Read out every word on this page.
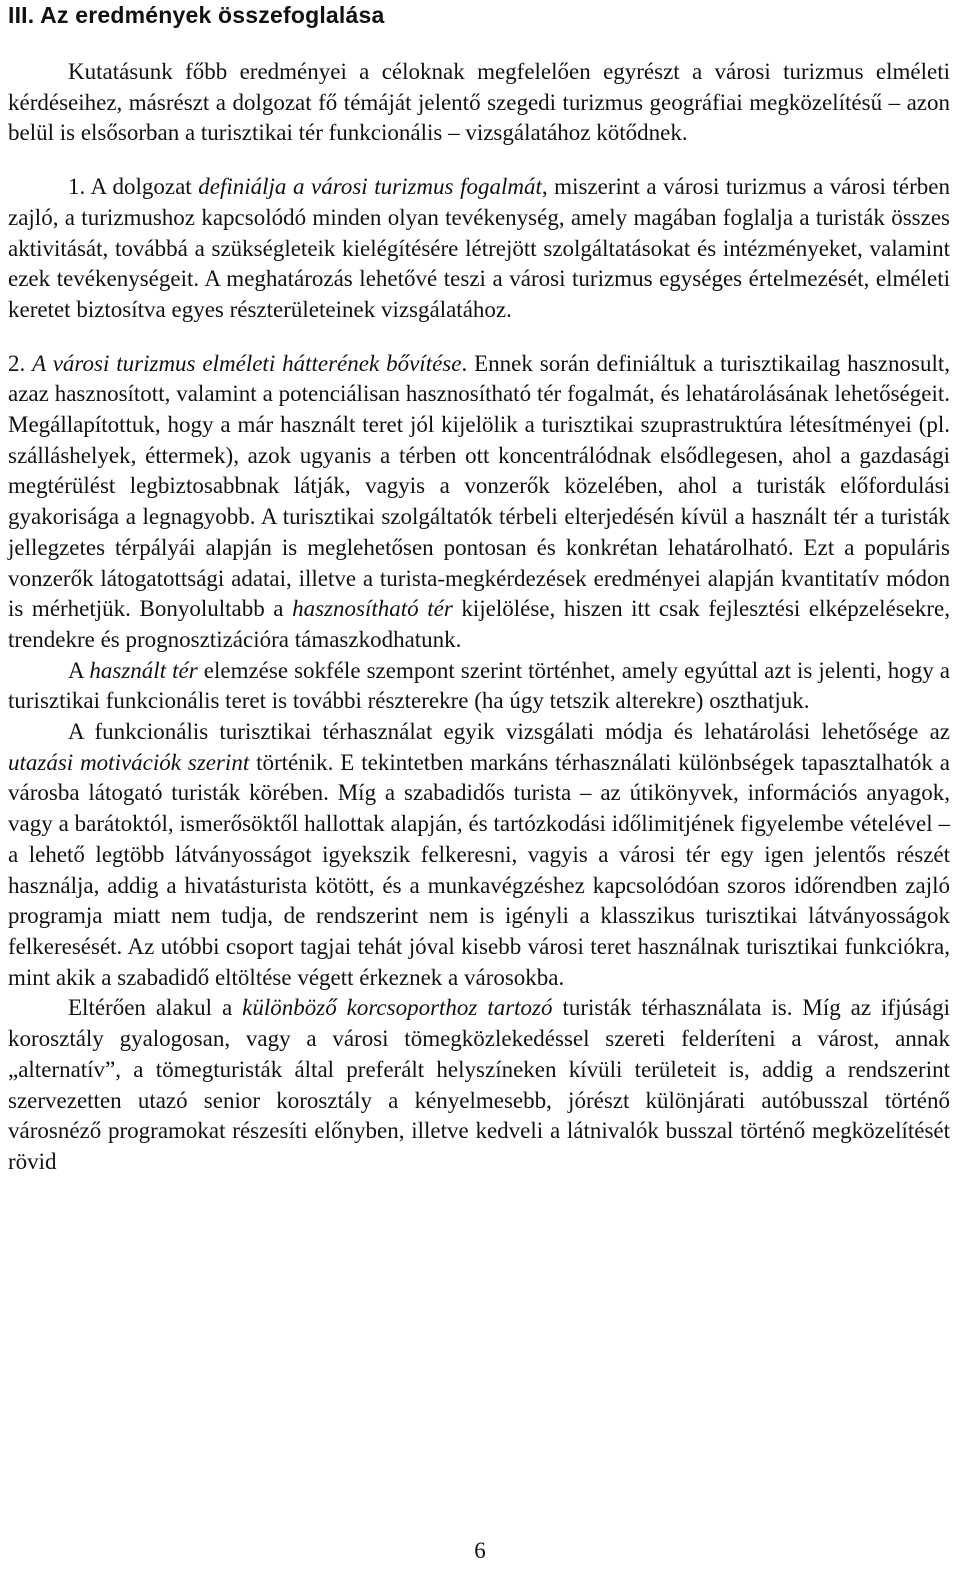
III. Az eredmények összefoglalása

Kutatásunk főbb eredményei a céloknak megfelelően egyrészt a városi turizmus elméleti kérdéseihez, másrészt a dolgozat fő témáját jelentő szegedi turizmus geográfiai megközelítésű – azon belül is elsősorban a turisztikai tér funkcionális – vizsgálatához kötődnek.

1. A dolgozat definiálja a városi turizmus fogalmát, miszerint a városi turizmus a városi térben zajló, a turizmushoz kapcsolódó minden olyan tevékenység, amely magában foglalja a turisták összes aktivitását, továbbá a szükségleteik kielégítésére létrejött szolgáltatásokat és intézményeket, valamint ezek tevékenységeit. A meghatározás lehetővé teszi a városi turizmus egységes értelmezését, elméleti keretet biztosítva egyes részterületeinek vizsgálatához.

2. A városi turizmus elméleti hátterének bővítése. Ennek során definiáltuk a turisztikailag hasznosult, azaz hasznosított, valamint a potenciálisan hasznosítható tér fogalmát, és lehatárolásának lehetőségeit. Megállapítottuk, hogy a már használt teret jól kijelölik a turisztikai szuprastruktúra létesítményei (pl. szálláshelyek, éttermek), azok ugyanis a térben ott koncentrálódnak elsődlegesen, ahol a gazdasági megtérülést legbiztosabbnak látják, vagyis a vonzerők közelében, ahol a turisták előfordulási gyakorisága a legnagyobb. A turisztikai szolgáltatók térbeli elterjedésén kívül a használt tér a turisták jellegzetes térpályái alapján is meglehetősen pontosan és konkrétan lehatárolható. Ezt a populáris vonzerők látogatottsági adatai, illetve a turista-megkérdezések eredményei alapján kvantitatív módon is mérhetjük. Bonyolultabb a hasznosítható tér kijelölése, hiszen itt csak fejlesztési elképzelésekre, trendekre és prognosztizációra támaszkodhatunk.

A használt tér elemzése sokféle szempont szerint történhet, amely egyúttal azt is jelenti, hogy a turisztikai funkcionális teret is további részterekre (ha úgy tetszik alterekre) oszthatjuk.

A funkcionális turisztikai térhasználat egyik vizsgálati módja és lehatárolási lehetősége az utazási motivációk szerint történik. E tekintetben markáns térhasználati különbségek tapasztalhatók a városba látogató turisták körében. Míg a szabadidős turista – az útikönyvek, információs anyagok, vagy a barátoktól, ismerősöktől hallottak alapján, és tartózkodási időlimitjének figyelembe vételével – a lehető legtöbb látványosságot igyekszik felkeresni, vagyis a városi tér egy igen jelentős részét használja, addig a hivatásturista kötött, és a munkavégzéshez kapcsolódóan szoros időrendben zajló programja miatt nem tudja, de rendszerint nem is igényli a klasszikus turisztikai látványosságok felkeresését. Az utóbbi csoport tagjai tehát jóval kisebb városi teret használnak turisztikai funkciókra, mint akik a szabadidő eltöltése végett érkeznek a városokba.

Eltérően alakul a különböző korcsoporthoz tartozó turisták térhasználata is. Míg az ifjúsági korosztály gyalogosan, vagy a városi tömegközlekedéssel szereti felderíteni a várost, annak „alternatív”, a tömegturisták által preferált helyszíneken kívüli területeit is, addig a rendszerint szervezetten utazó senior korosztály a kényelmesebb, jórészt különjárati autóbusszal történő városnéző programokat részesíti előnyben, illetve kedveli a látnivalók busszal történő megközelítését rövid

6
